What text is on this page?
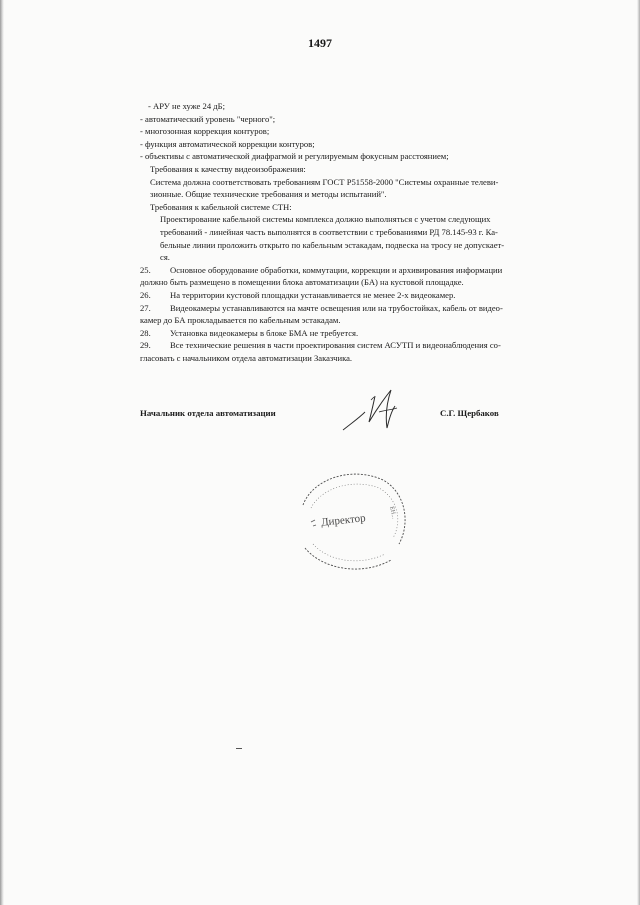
1497
- АРУ не хуже 24 дБ;
- автоматический уровень "черного";
- многозонная коррекция контуров;
- функция автоматической коррекции контуров;
- объективы с автоматической диафрагмой и регулируемым фокусным расстоянием;
Требования к качеству видеоизображения:
Система должна соответствовать требованиям ГОСТ Р51558-2000 "Системы охранные телеви-
зионные. Общие технические требования и методы испытаний".
Требования к кабельной системе СТН:
Проектирование кабельной системы комплекса должно выполняться с учетом следующих
требований - линейная часть выполнятся в соответствии с требованиями РД 78.145-93 г. Ка-
бельные линии проложить открыто по кабельным эстакадам, подвеска на тросу не допускает-
ся.
25.	Основное оборудование обработки, коммутации, коррекции и архивирования информации
должно быть размещено в помещении блока автоматизации (БА) на кустовой площадке.
26.	На территории кустовой площадки устанавливается не менее 2-х видеокамер.
27.	Видеокамеры устанавливаются на мачте освещения или на трубостойках, кабель от видео-
камер до БА прокладывается по кабельным эстакадам.
28.	Установка видеокамеры в блоке БМА не требуется.
29.	Все технические решения в части проектирования систем АСУТП и видеонаблюдения со-
гласовать с начальником отдела автоматизации Заказчика.
Начальник отдела автоматизации	С.Г. Щербаков
Директор	ЕН...
